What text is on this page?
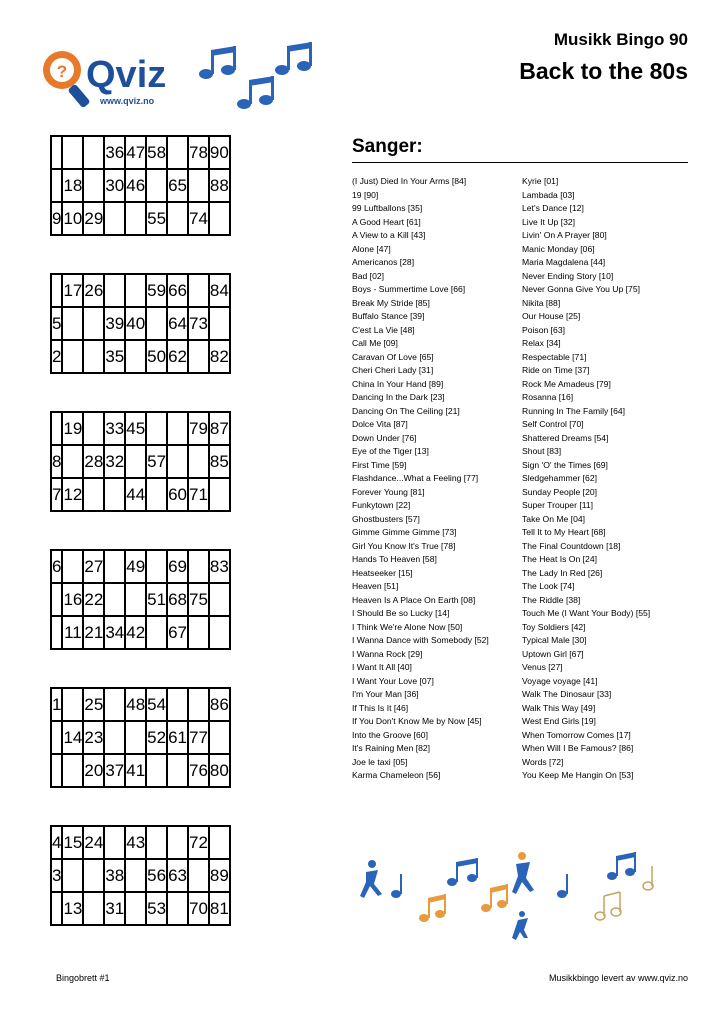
? Qviz
www.qviz.no
Musikk Bingo 90
Back to the 80s
			36	47	58		78	90
	18		30	46		65		88
9	10	29			55		74	
	17	26			59	66		84
5			39	40		64	73	
2			35		50	62		82
	19		33	45			79	87
8		28	32		57			85
7	12			44		60	71	
6		27		49		69		83
	16	22			51	68	75	
	11	21	34	42		67		
1		25		48	54			86
	14	23			52	61	77	
		20	37	41			76	80
4	15	24		43			72	
3			38		56	63		89
	13		31		53		70	81
Sanger:
(I Just) Died In Your Arms [84]
19 [90]
99 Luftballons [35]
A Good Heart [61]
A View to a Kill [43]
Alone [47]
Americanos [28]
Bad [02]
Boys - Summertime Love [66]
Break My Stride [85]
Buffalo Stance [39]
C'est La Vie [48]
Call Me [09]
Caravan Of Love [65]
Cheri Cheri Lady [31]
China In Your Hand [89]
Dancing In the Dark [23]
Dancing On The Ceiling [21]
Dolce Vita [87]
Down Under [76]
Eye of the Tiger [13]
First Time [59]
Flashdance...What a Feeling [77]
Forever Young [81]
Funkytown [22]
Ghostbusters [57]
Gimme Gimme Gimme [73]
Girl You Know It's True [78]
Hands To Heaven [58]
Heatseeker [15]
Heaven [51]
Heaven Is A Place On Earth [08]
I Should Be so Lucky [14]
I Think We're Alone Now [50]
I Wanna Dance with Somebody [52]
I Wanna Rock [29]
I Want It All [40]
I Want Your Love [07]
I'm Your Man [36]
If This Is It [46]
If You Don't Know Me by Now [45]
Into the Groove [60]
It's Raining Men [82]
Joe le taxi [05]
Karma Chameleon [56]
Kyrie [01]
Lambada [03]
Let's Dance [12]
Live It Up [32]
Livin' On A Prayer [80]
Manic Monday [06]
Maria Magdalena [44]
Never Ending Story [10]
Never Gonna Give You Up [75]
Nikita [88]
Our House [25]
Poison [63]
Relax [34]
Respectable [71]
Ride on Time [37]
Rock Me Amadeus [79]
Rosanna [16]
Running In The Family [64]
Self Control [70]
Shattered Dreams [54]
Shout [83]
Sign 'O' the Times [69]
Sledgehammer [62]
Sunday People [20]
Super Trouper [11]
Take On Me [04]
Tell It to My Heart [68]
The Final Countdown [18]
The Heat Is On [24]
The Lady In Red [26]
The Look [74]
The Riddle [38]
Touch Me (I Want Your Body) [55]
Toy Soldiers [42]
Typical Male [30]
Uptown Girl [67]
Venus [27]
Voyage voyage [41]
Walk The Dinosaur [33]
Walk This Way [49]
West End Girls [19]
When Tomorrow Comes [17]
When Will I Be Famous? [86]
Words [72]
You Keep Me Hangin On [53]
Bingobrett #1	Musikkbingo levert av www.qviz.no
